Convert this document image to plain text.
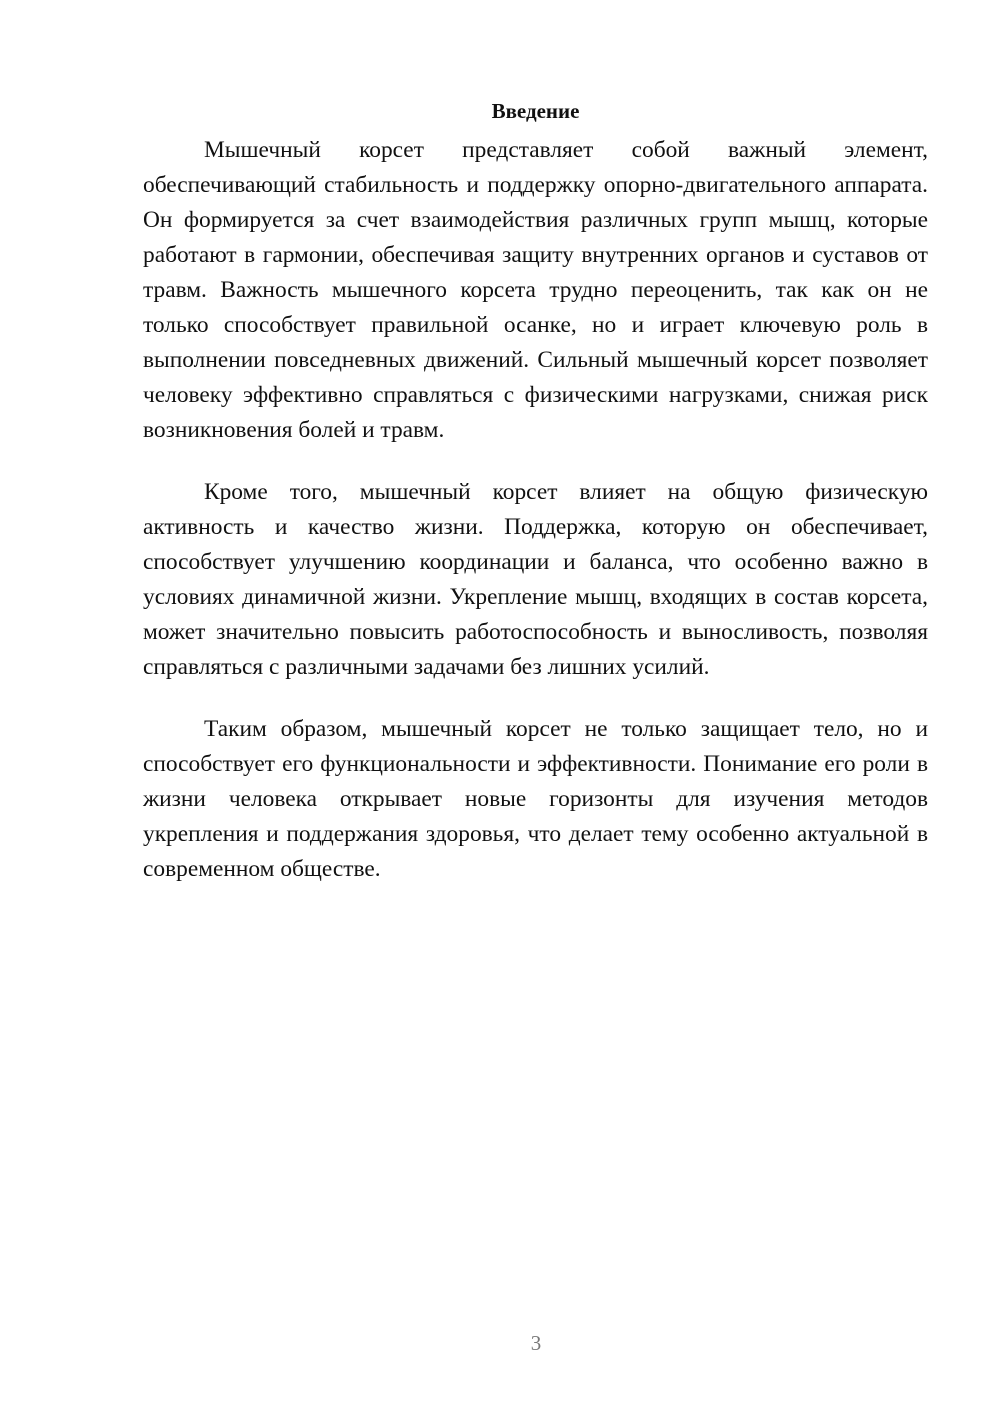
Введение

Мышечный корсет представляет собой важный элемент, обеспечивающий стабильность и поддержку опорно-двигательного аппарата. Он формируется за счет взаимодействия различных групп мышц, которые работают в гармонии, обеспечивая защиту внутренних органов и суставов от травм. Важность мышечного корсета трудно переоценить, так как он не только способствует правильной осанке, но и играет ключевую роль в выполнении повседневных движений. Сильный мышечный корсет позволяет человеку эффективно справляться с физическими нагрузками, снижая риск возникновения болей и травм.

Кроме того, мышечный корсет влияет на общую физическую активность и качество жизни. Поддержка, которую он обеспечивает, способствует улучшению координации и баланса, что особенно важно в условиях динамичной жизни. Укрепление мышц, входящих в состав корсета, может значительно повысить работоспособность и выносливость, позволяя справляться с различными задачами без лишних усилий.

Таким образом, мышечный корсет не только защищает тело, но и способствует его функциональности и эффективности. Понимание его роли в жизни человека открывает новые горизонты для изучения методов укрепления и поддержания здоровья, что делает тему особенно актуальной в современном обществе.

3
